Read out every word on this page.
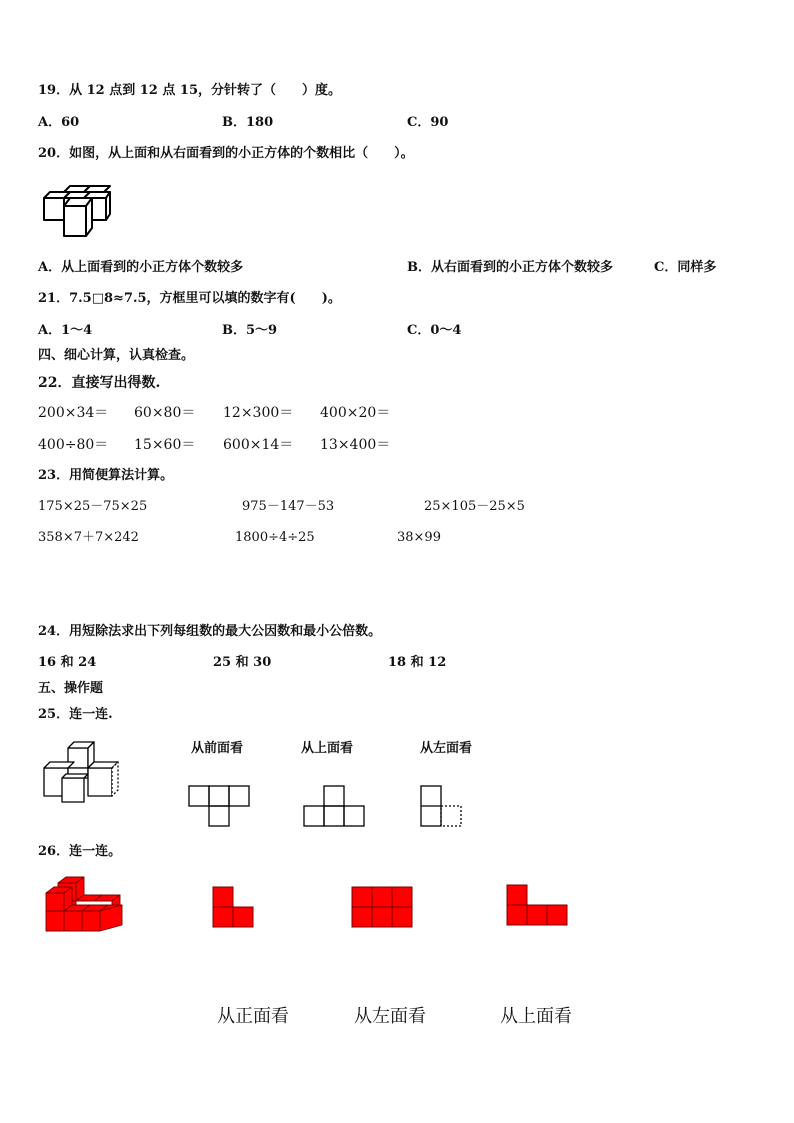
19．从 12 点到 12 点 15，分针转了（　　）度。
A．60	B．180	C．90
20．如图，从上面和从右面看到的小正方体的个数相比（　　）。
A．从上面看到的小正方体个数较多	B．从右面看到的小正方体个数较多	C．同样多
21．7.5□8≈7.5，方框里可以填的数字有(　　)。
A．1～4	B．5～9	C．0～4
四、细心计算，认真检查。
22．直接写出得数.
200×34＝ 60×80＝ 12×300＝ 400×20＝
400÷80＝ 15×60＝ 600×14＝ 13×400＝
23．用简便算法计算。
175×25－75×25	975－147－53	25×105－25×5
358×7＋7×242	1800÷4÷25	38×99
24．用短除法求出下列每组数的最大公因数和最小公倍数。
16 和 24	25 和 30	18 和 12
五、操作题
25．连一连.
从前面看	从上面看	从左面看
26．连一连。
从正面看	从左面看	从上面看
